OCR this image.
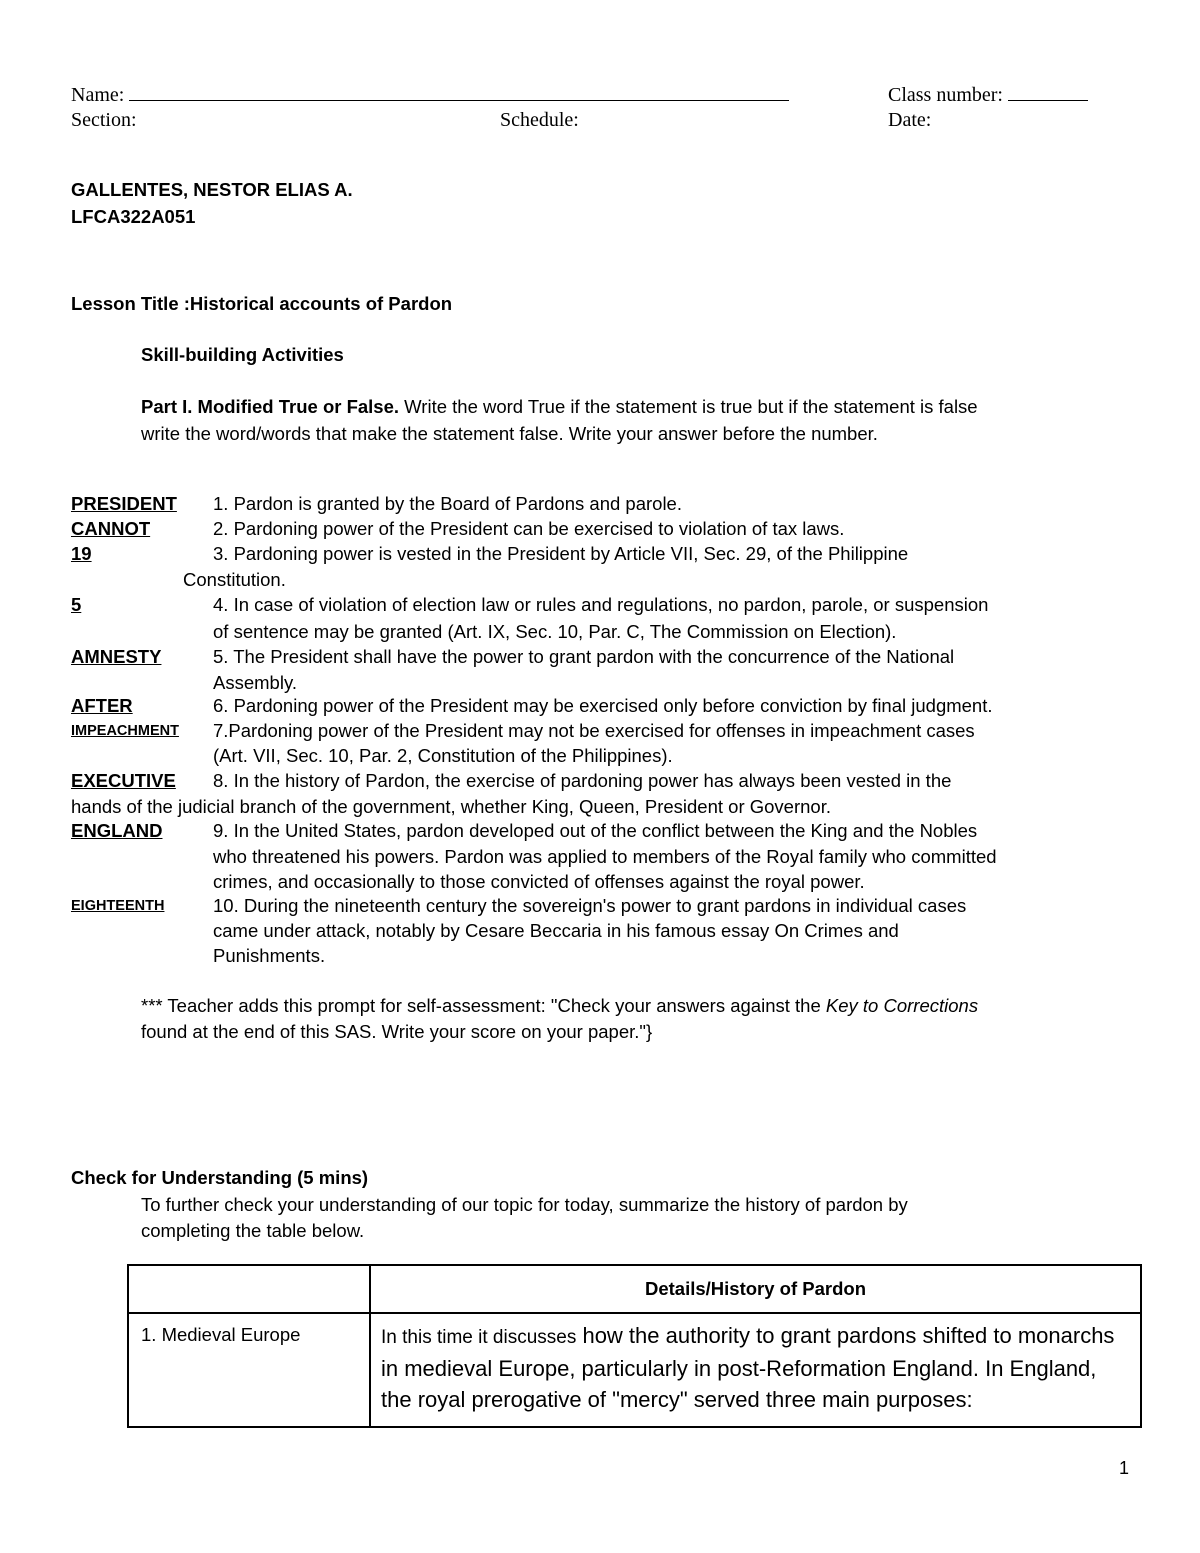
Name:	Class number:
Section:	Schedule:	Date:
GALLENTES, NESTOR ELIAS A.
LFCA322A051
Lesson Title :Historical accounts of Pardon
Skill-building Activities
Part I. Modified True or False. Write the word True if the statement is true but if the statement is false
write the word/words that make the statement false. Write your answer before the number.
PRESIDENT 1. Pardon is granted by the Board of Pardons and parole.
CANNOT	2. Pardoning power of the President can be exercised to violation of tax laws.
19	3. Pardoning power is vested in the President by Article VII, Sec. 29, of the Philippine
Constitution.
5	4. In case of violation of election law or rules and regulations, no pardon, parole, or suspension
of sentence may be granted (Art. IX, Sec. 10, Par. C, The Commission on Election).
AMNESTY	5. The President shall have the power to grant pardon with the concurrence of the National
Assembly.
AFTER	6. Pardoning power of the President may be exercised only before conviction by final judgment.
IMPEACHMENT 7.Pardoning power of the President may not be exercised for offenses in impeachment cases
(Art. VII, Sec. 10, Par. 2, Constitution of the Philippines).
EXECUTIVE 8. In the history of Pardon, the exercise of pardoning power has always been vested in the
hands of the judicial branch of the government, whether King, Queen, President or Governor.
ENGLAND	9. In the United States, pardon developed out of the conflict between the King and the Nobles
who threatened his powers. Pardon was applied to members of the Royal family who committed
crimes, and occasionally to those convicted of offenses against the royal power.
EIGHTEENTH	10. During the nineteenth century the sovereign's power to grant pardons in individual cases
came under attack, notably by Cesare Beccaria in his famous essay On Crimes and
Punishments.
*** Teacher adds this prompt for self-assessment: "Check your answers against the Key to Corrections
found at the end of this SAS. Write your score on your paper."}
Check for Understanding (5 mins)
To further check your understanding of our topic for today, summarize the history of pardon by
completing the table below.
	Details/History of Pardon
1. Medieval Europe	In this time it discusses how the authority to grant pardons shifted to monarchs in medieval Europe, particularly in post-Reformation England. In England, the royal prerogative of "mercy" served three main purposes:
1
